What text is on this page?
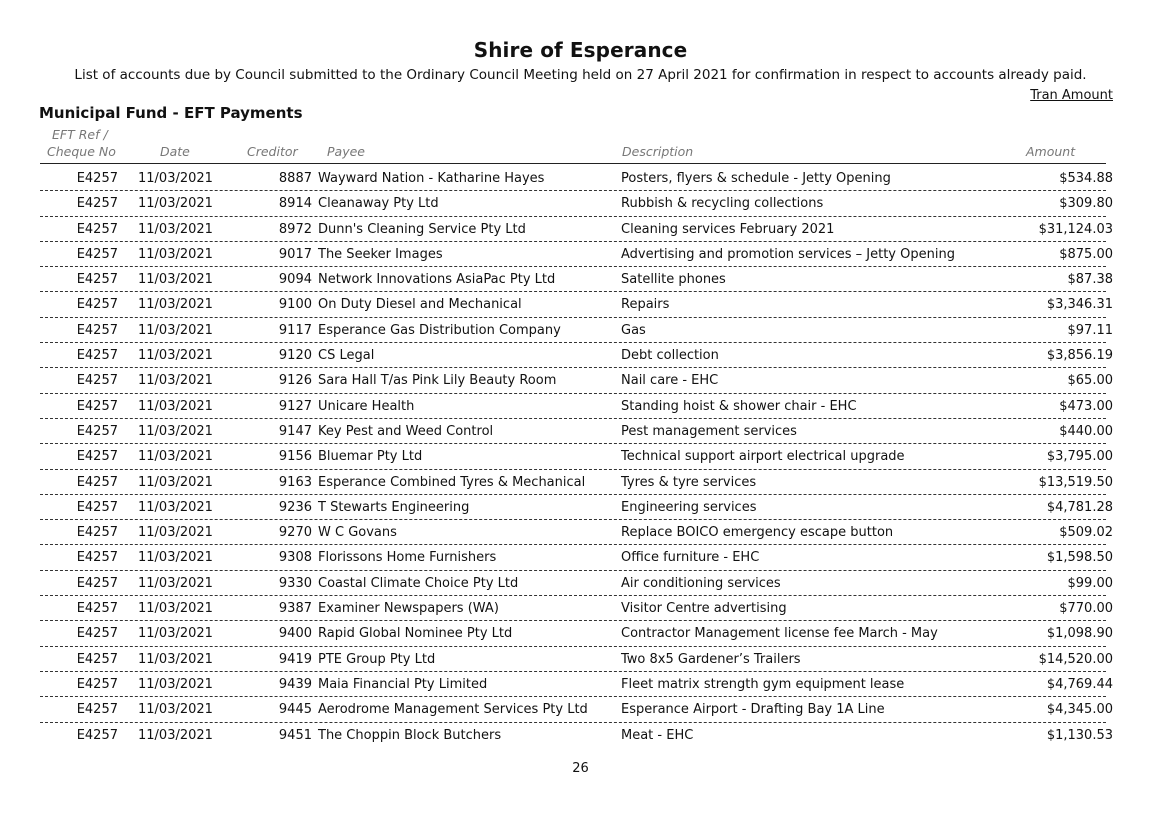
Shire of Esperance
List of accounts due by Council submitted to the Ordinary Council Meeting held on 27 April 2021 for confirmation in respect to accounts already paid.
Tran Amount
Municipal Fund - EFT Payments
EFT Ref /
Cheque No	Date	Creditor Payee	Description	Amount
E4257 11/03/2021	8887 Wayward Nation - Katharine Hayes	Posters, flyers & schedule - Jetty Opening	$534.88
E4257 11/03/2021	8914 Cleanaway Pty Ltd	Rubbish & recycling collections	$309.80
E4257 11/03/2021	8972 Dunn's Cleaning Service Pty Ltd	Cleaning services February 2021	$31,124.03
E4257 11/03/2021	9017 The Seeker Images	Advertising and promotion services – Jetty Opening	$875.00
E4257 11/03/2021	9094 Network Innovations AsiaPac Pty Ltd	Satellite phones	$87.38
E4257 11/03/2021	9100 On Duty Diesel and Mechanical	Repairs	$3,346.31
E4257 11/03/2021	9117 Esperance Gas Distribution Company	Gas	$97.11
E4257 11/03/2021	9120 CS Legal	Debt collection	$3,856.19
E4257 11/03/2021	9126 Sara Hall T/as Pink Lily Beauty Room	Nail care - EHC	$65.00
E4257 11/03/2021	9127 Unicare Health	Standing hoist & shower chair - EHC	$473.00
E4257 11/03/2021	9147 Key Pest and Weed Control	Pest management services	$440.00
E4257 11/03/2021	9156 Bluemar Pty Ltd	Technical support airport electrical upgrade	$3,795.00
E4257 11/03/2021	9163 Esperance Combined Tyres & Mechanical	Tyres & tyre services	$13,519.50
E4257 11/03/2021	9236 T Stewarts Engineering	Engineering services	$4,781.28
E4257 11/03/2021	9270 W C Govans	Replace BOICO emergency escape button	$509.02
E4257 11/03/2021	9308 Florissons Home Furnishers	Office furniture - EHC	$1,598.50
E4257 11/03/2021	9330 Coastal Climate Choice Pty Ltd	Air conditioning services	$99.00
E4257 11/03/2021	9387 Examiner Newspapers (WA)	Visitor Centre advertising	$770.00
E4257 11/03/2021	9400 Rapid Global Nominee Pty Ltd	Contractor Management license fee March - May	$1,098.90
E4257 11/03/2021	9419 PTE Group Pty Ltd	Two 8x5 Gardener’s Trailers	$14,520.00
E4257 11/03/2021	9439 Maia Financial Pty Limited	Fleet matrix strength gym equipment lease	$4,769.44
E4257 11/03/2021	9445 Aerodrome Management Services Pty Ltd	Esperance Airport - Drafting Bay 1A Line	$4,345.00
E4257 11/03/2021	9451 The Choppin Block Butchers	Meat - EHC	$1,130.53
26
